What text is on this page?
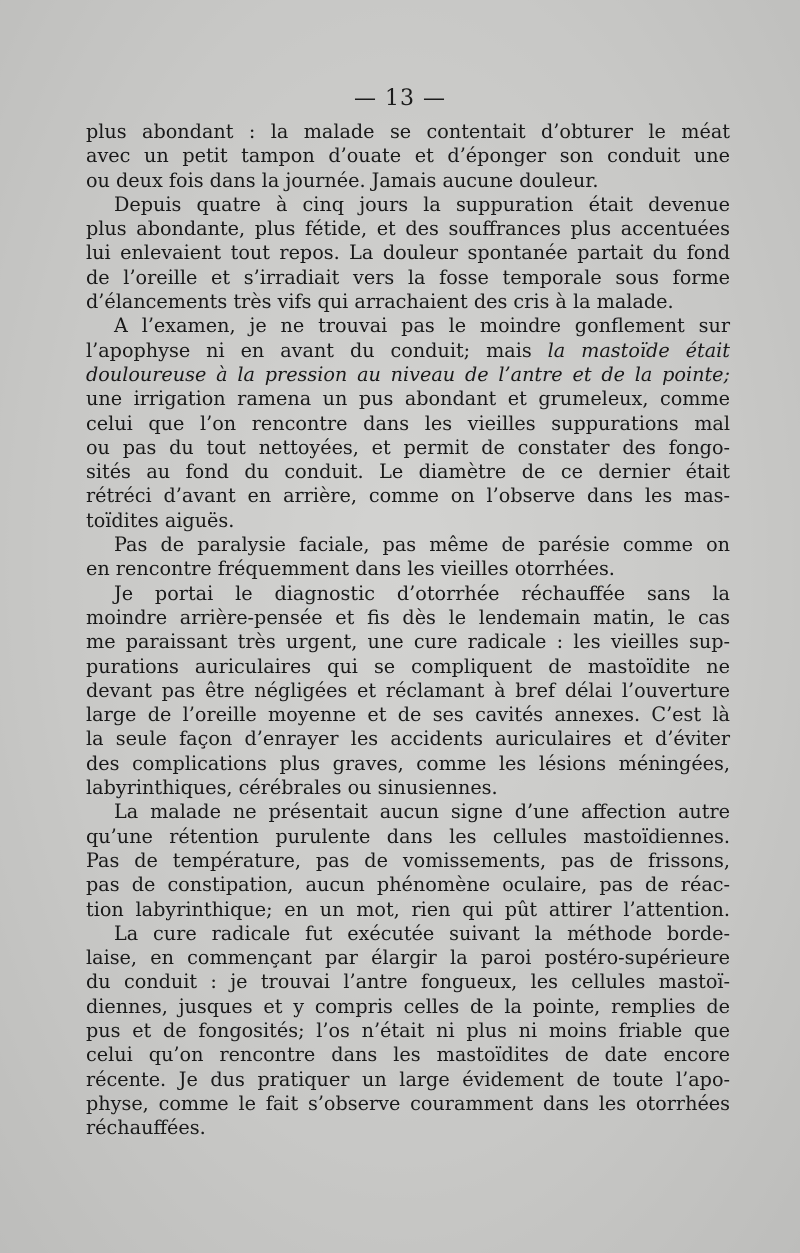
— 13 —
plus abondant : la malade se contentait d’obturer le méat
avec un petit tampon d’ouate et d’éponger son conduit une
ou deux fois dans la journée. Jamais aucune douleur.
Depuis quatre à cinq jours la suppuration était devenue
plus abondante, plus fétide, et des souffrances plus accentuées
lui enlevaient tout repos. La douleur spontanée partait du fond
de l’oreille et s’irradiait vers la fosse temporale sous forme
d’élancements très vifs qui arrachaient des cris à la malade.
A l’examen, je ne trouvai pas le moindre gonflement sur
l’apophyse ni en avant du conduit; mais la mastoïde était
douloureuse à la pression au niveau de l’antre et de la pointe;
une irrigation ramena un pus abondant et grumeleux, comme
celui que l’on rencontre dans les vieilles suppurations mal
ou pas du tout nettoyées, et permit de constater des fongo-
sités au fond du conduit. Le diamètre de ce dernier était
rétréci d’avant en arrière, comme on l’observe dans les mas-
toïdites aiguës.
Pas de paralysie faciale, pas même de parésie comme on
en rencontre fréquemment dans les vieilles otorrhées.
Je portai le diagnostic d’otorrhée réchauffée sans la
moindre arrière-pensée et fis dès le lendemain matin, le cas
me paraissant très urgent, une cure radicale : les vieilles sup-
purations auriculaires qui se compliquent de mastoïdite ne
devant pas être négligées et réclamant à bref délai l’ouverture
large de l’oreille moyenne et de ses cavités annexes. C’est là
la seule façon d’enrayer les accidents auriculaires et d’éviter
des complications plus graves, comme les lésions méningées,
labyrinthiques, cérébrales ou sinusiennes.
La malade ne présentait aucun signe d’une affection autre
qu’une rétention purulente dans les cellules mastoïdiennes.
Pas de température, pas de vomissements, pas de frissons,
pas de constipation, aucun phénomène oculaire, pas de réac-
tion labyrinthique; en un mot, rien qui pût attirer l’attention.
La cure radicale fut exécutée suivant la méthode borde-
laise, en commençant par élargir la paroi postéro-supérieure
du conduit : je trouvai l’antre fongueux, les cellules mastoï-
diennes, jusques et y compris celles de la pointe, remplies de
pus et de fongosités; l’os n’était ni plus ni moins friable que
celui qu’on rencontre dans les mastoïdites de date encore
récente. Je dus pratiquer un large évidement de toute l’apo-
physe, comme le fait s’observe couramment dans les otorrhées
réchauffées.
